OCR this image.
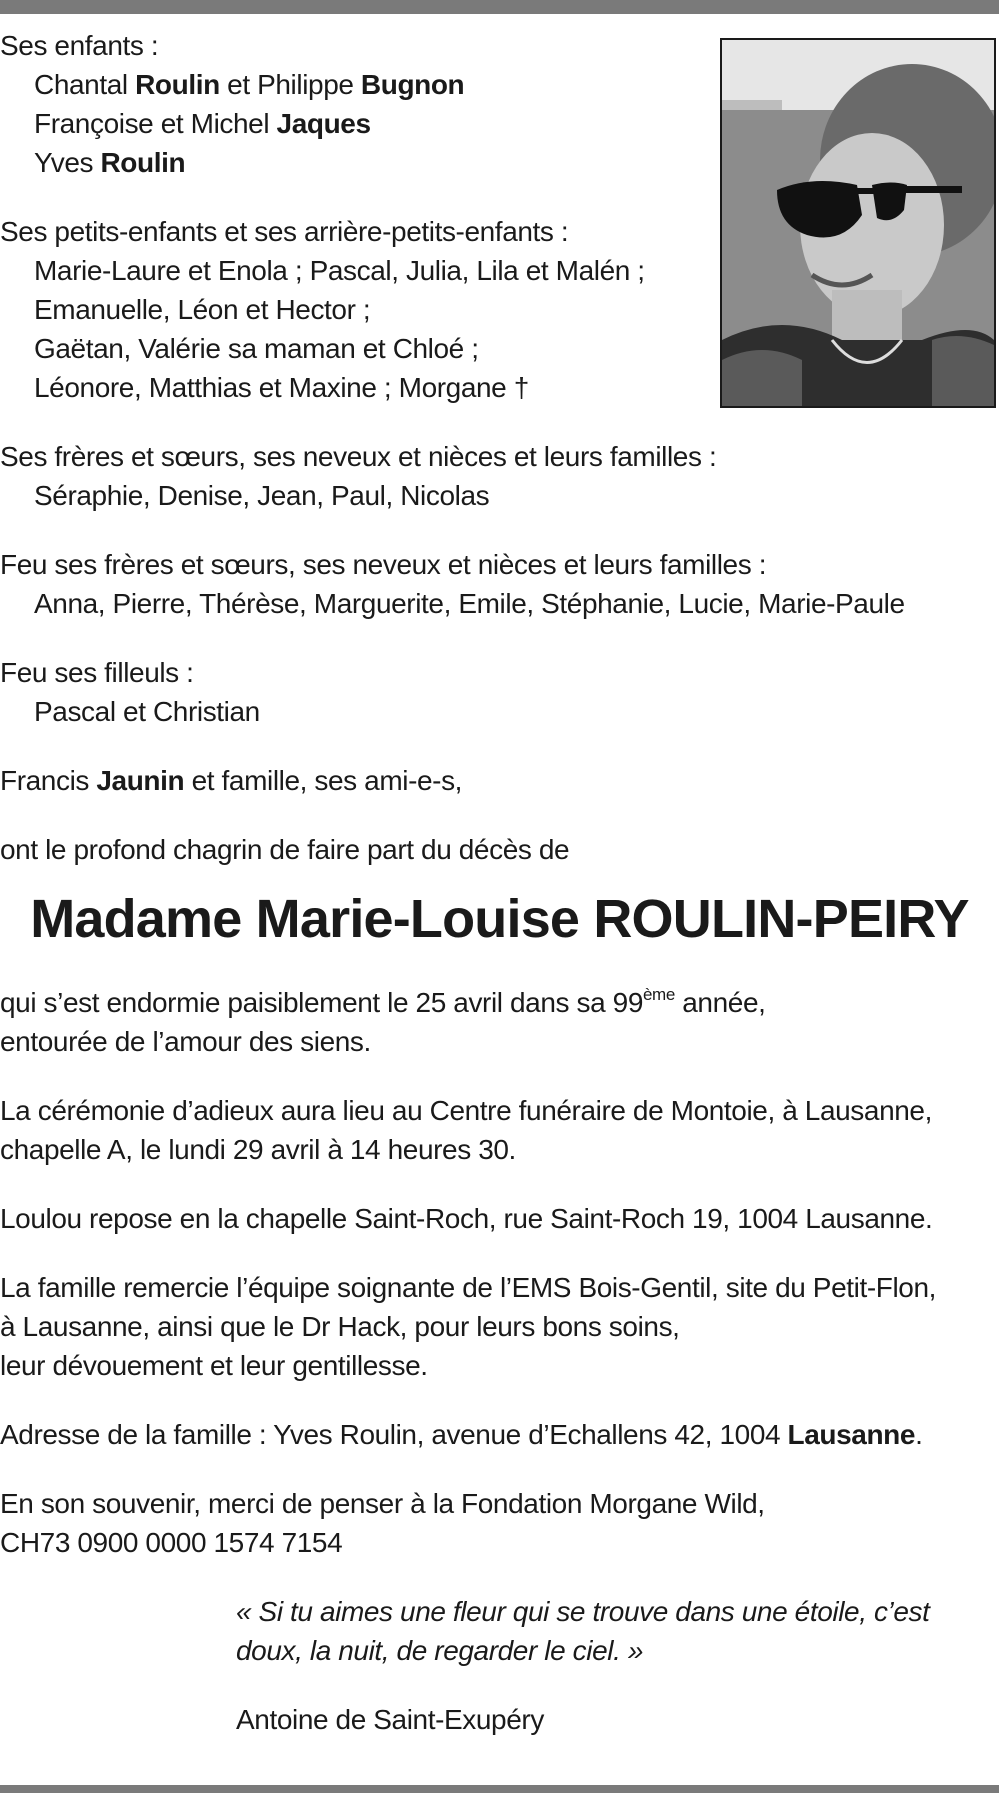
Ses enfants :
Chantal Roulin et Philippe Bugnon
Françoise et Michel Jaques
Yves Roulin
Ses petits-enfants et ses arrière-petits-enfants :
Marie-Laure et Enola ; Pascal, Julia, Lila et Malén ;
Emanuelle, Léon et Hector ;
Gaëtan, Valérie sa maman et Chloé ;
Léonore, Matthias et Maxine ; Morgane †
Ses frères et sœurs, ses neveux et nièces et leurs familles :
Séraphie, Denise, Jean, Paul, Nicolas
Feu ses frères et sœurs, ses neveux et nièces et leurs familles :
Anna, Pierre, Thérèse, Marguerite, Emile, Stéphanie, Lucie, Marie-Paule
Feu ses filleuls :
Pascal et Christian
Francis Jaunin et famille, ses ami-e-s,
ont le profond chagrin de faire part du décès de
Madame Marie-Louise ROULIN-PEIRY
qui s’est endormie paisiblement le 25 avril dans sa 99ème année,
entourée de l’amour des siens.
La cérémonie d’adieux aura lieu au Centre funéraire de Montoie, à Lausanne,
chapelle A, le lundi 29 avril à 14 heures 30.
Loulou repose en la chapelle Saint-Roch, rue Saint-Roch 19, 1004 Lausanne.
La famille remercie l’équipe soignante de l’EMS Bois-Gentil, site du Petit-Flon,
à Lausanne, ainsi que le Dr Hack, pour leurs bons soins,
leur dévouement et leur gentillesse.
Adresse de la famille : Yves Roulin, avenue d’Echallens 42, 1004 Lausanne.
En son souvenir, merci de penser à la Fondation Morgane Wild,
CH73 0900 0000 1574 7154
« Si tu aimes une fleur qui se trouve dans une étoile, c’est
doux, la nuit, de regarder le ciel. »
Antoine de Saint-Exupéry
